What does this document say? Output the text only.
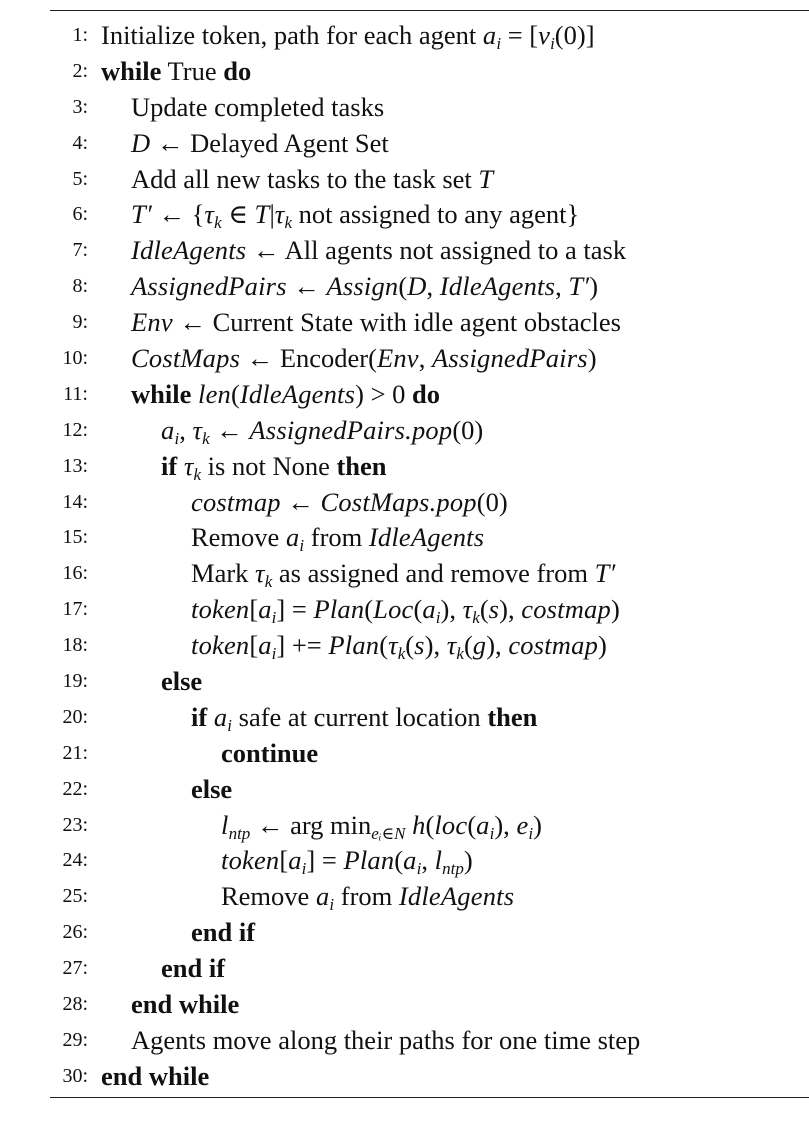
1: Initialize token, path for each agent $a_i = [v_i(0)]$
2: while True do
3: Update completed tasks
4: D ← Delayed Agent Set
5: Add all new tasks to the task set T
6: T′ ← {$\tau_k$ ∈ $T|\tau_k$ not assigned to any agent}
7: IdleAgents ← All agents not assigned to a task
8: AssignedPairs ← Assign(D, IdleAgents, T′)
9: Env ← Current State with idle agent obstacles
10: CostMaps ← Encoder(Env, AssignedPairs)
11: while len(IdleAgents) > 0 do
12:	$a_i$, $\tau_k$ ← AssignedPairs.pop(0)
13:	if $\tau_k$ is not None then
14:	costmap ← CostMaps.pop(0)
15:	Remove $a_i$ from IdleAgents
16:	Mark $\tau_k$ as assigned and remove from T′
17:	$token[a_i]$ = $Plan(Loc(a_i)$, $\tau_k(s)$, costmap)
18:	$token[a_i]$ += $Plan(\tau_k(s)$, $\tau_k(g)$, costmap)
19:	else
20:	if $a_i$ safe at current location then
21:	continue
22:	else
23:	$l_{ntp}$ ← arg $\min_{eᵢ\in N} h(loc(a_i)$, $e_i$)
24:	$token[a_i]$ = $Plan(a_i$, $l_{ntp}$)
25:	Remove $a_i$ from IdleAgents
26:	end if
27:	end if
28: end while
29: Agents move along their paths for one time step
30: end while
